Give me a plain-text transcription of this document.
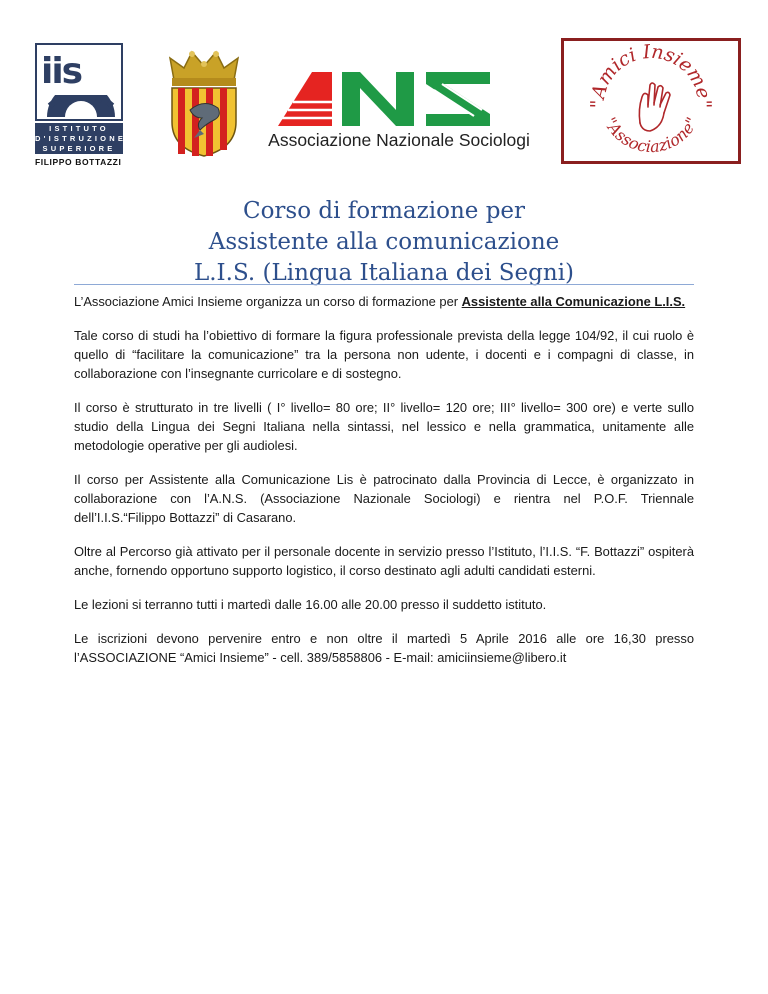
iis
ISTITUTO
D'ISTRUZIONE
SUPERIORE
FILIPPO BOTTAZZI
Associazione Nazionale Sociologi
"Amici Insieme"
"Associazione"
Corso di formazione per
Assistente alla comunicazione
L.I.S. (Lingua Italiana dei Segni)

L’Associazione Amici Insieme organizza un corso di formazione per Assistente alla Comunicazione L.I.S.

Tale corso di studi ha l’obiettivo di formare la figura professionale prevista della legge 104/92, il cui ruolo è quello di “facilitare la comunicazione” tra la persona non udente, i docenti e i compagni di classe, in collaborazione con l’insegnante curricolare e di sostegno.

Il corso è strutturato in tre livelli ( I° livello= 80 ore; II° livello= 120 ore; III° livello= 300 ore) e verte sullo studio della Lingua dei Segni Italiana nella sintassi, nel lessico e nella grammatica, unitamente alle metodologie operative per gli audiolesi.

Il corso per Assistente alla Comunicazione Lis è patrocinato dalla Provincia di Lecce, è organizzato in collaborazione con l’A.N.S. (Associazione Nazionale Sociologi) e rientra nel P.O.F. Triennale dell’I.I.S.“Filippo Bottazzi” di Casarano.

Oltre al Percorso già attivato per il personale docente in servizio presso l’Istituto, l’I.I.S. “F. Bottazzi” ospiterà anche, fornendo opportuno supporto logistico, il corso destinato agli adulti candidati esterni.

Le lezioni si terranno tutti i martedì dalle 16.00 alle 20.00 presso il suddetto istituto.

Le iscrizioni devono pervenire entro e non oltre il martedì 5 Aprile 2016 alle ore 16,30 presso l’ASSOCIAZIONE “Amici Insieme” - cell. 389/5858806 - E-mail: amiciinsieme@libero.it
